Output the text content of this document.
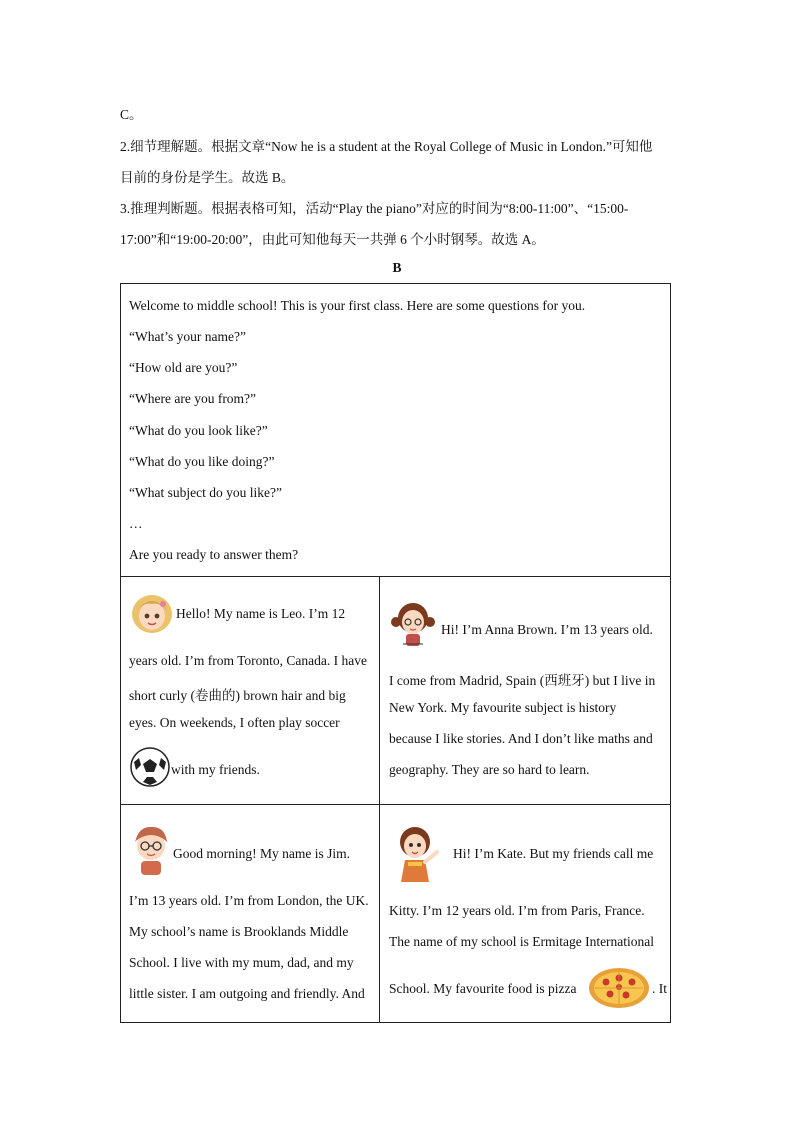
C。
2.细节理解题。根据文章“Now he is a student at the Royal College of Music in London.”可知他
目前的身份是学生。故选 B。
3.推理判断题。根据表格可知，活动“Play the piano”对应的时间为“8:00-11:00”、“15:00-
17:00”和“19:00-20:00”，由此可知他每天一共弹 6 个小时钢琴。故选 A。
B
Welcome to middle school! This is your first class. Here are some questions for you.
“What’s your name?”
“How old are you?”
“Where are you from?”
“What do you look like?”
“What do you like doing?”
“What subject do you like?”
…
Are you ready to answer them?
Hello! My name is Leo. I’m 12
years old. I’m from Toronto, Canada. I have
short curly (卷曲的) brown hair and big
eyes. On weekends, I often play soccer
with my friends.
Hi! I’m Anna Brown. I’m 13 years old.
I come from Madrid, Spain (西班牙) but I live in
New York. My favourite subject is history
because I like stories. And I don’t like maths and
geography. They are so hard to learn.
Good morning! My name is Jim.
I’m 13 years old. I’m from London, the UK.
My school’s name is Brooklands Middle
School. I live with my mum, dad, and my
little sister. I am outgoing and friendly. And
Hi! I’m Kate. But my friends call me
Kitty. I’m 12 years old. I’m from Paris, France.
The name of my school is Ermitage International
School. My favourite food is pizza	. It
